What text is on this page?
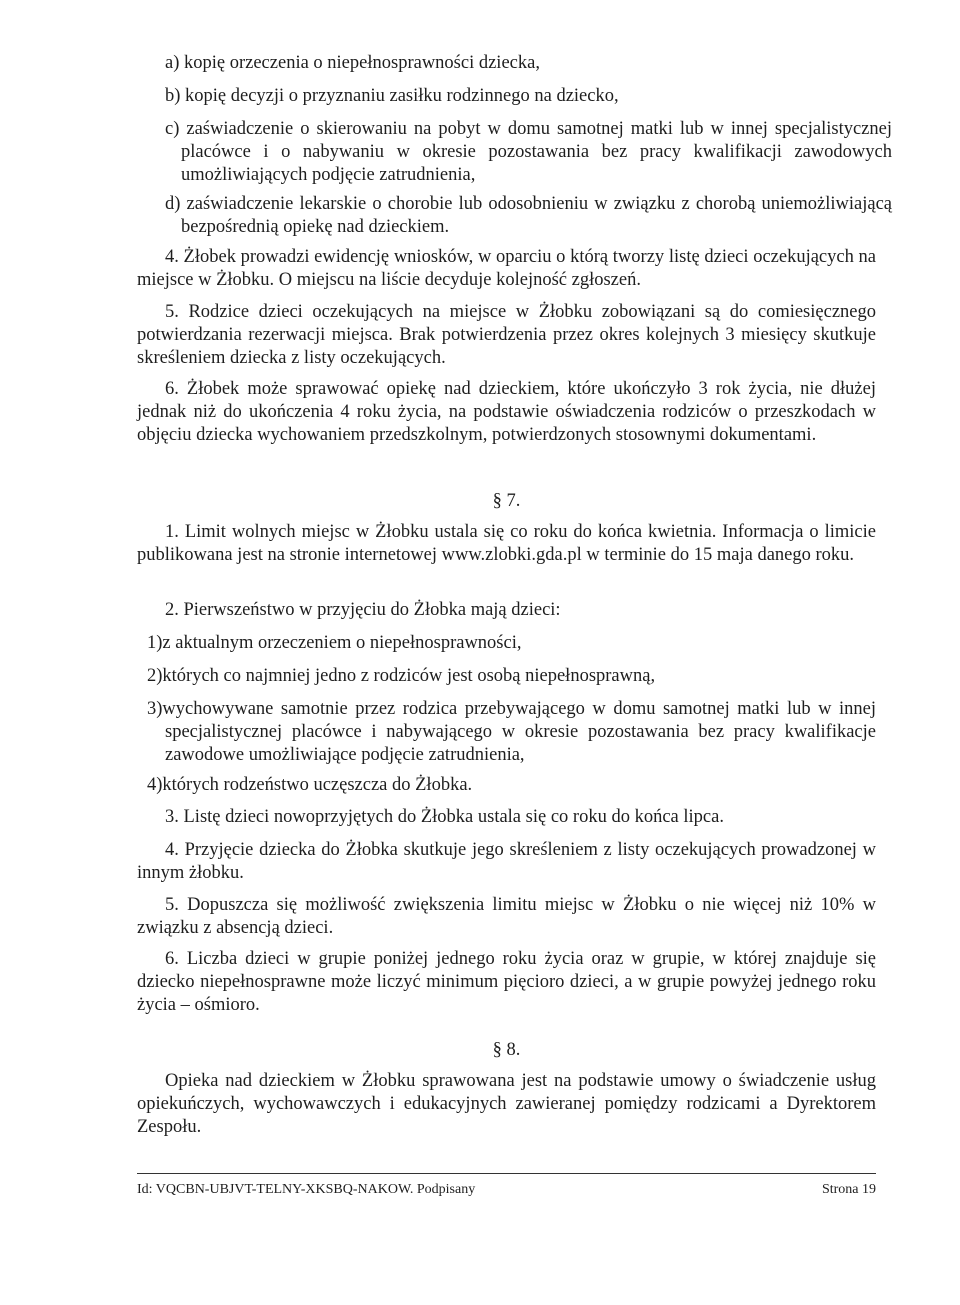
a) kopię orzeczenia o niepełnosprawności dziecka,

b) kopię decyzji o przyznaniu zasiłku rodzinnego na dziecko,

c) zaświadczenie o skierowaniu na pobyt w domu samotnej matki lub w innej specjalistycznej placówce i o nabywaniu w okresie pozostawania bez pracy kwalifikacji zawodowych umożliwiających podjęcie zatrudnienia,

d) zaświadczenie lekarskie o chorobie lub odosobnieniu w związku z chorobą uniemożliwiającą bezpośrednią opiekę nad dzieckiem.

4. Żłobek prowadzi ewidencję wniosków, w oparciu o którą tworzy listę dzieci oczekujących na miejsce w Żłobku. O miejscu na liście decyduje kolejność zgłoszeń.

5. Rodzice dzieci oczekujących na miejsce w Żłobku zobowiązani są do comiesięcznego potwierdzania rezerwacji miejsca. Brak potwierdzenia przez okres kolejnych 3 miesięcy skutkuje skreśleniem dziecka z listy oczekujących.

6. Żłobek może sprawować opiekę nad dzieckiem, które ukończyło 3 rok życia, nie dłużej jednak niż do ukończenia 4 roku życia, na podstawie oświadczenia rodziców o przeszkodach w objęciu dziecka wychowaniem przedszkolnym, potwierdzonych stosownymi dokumentami.

§ 7.

1. Limit wolnych miejsc w Żłobku ustala się co roku do końca kwietnia. Informacja o limicie publikowana jest na stronie internetowej www.zlobki.gda.pl w terminie do 15 maja danego roku.

2. Pierwszeństwo w przyjęciu do Żłobka mają dzieci:

1)z aktualnym orzeczeniem o niepełnosprawności,

2)których co najmniej jedno z rodziców jest osobą niepełnosprawną,

3)wychowywane samotnie przez rodzica przebywającego w domu samotnej matki lub w innej specjalistycznej placówce i nabywającego w okresie pozostawania bez pracy kwalifikacje zawodowe umożliwiające podjęcie zatrudnienia,

4)których rodzeństwo uczęszcza do Żłobka.

3. Listę dzieci nowoprzyjętych do Żłobka ustala się co roku do końca lipca.

4. Przyjęcie dziecka do Żłobka skutkuje jego skreśleniem z listy oczekujących prowadzonej w innym żłobku.

5. Dopuszcza się możliwość zwiększenia limitu miejsc w Żłobku o nie więcej niż 10% w związku z absencją dzieci.

6. Liczba dzieci w grupie poniżej jednego roku życia oraz w grupie, w której znajduje się dziecko niepełnosprawne może liczyć minimum pięcioro dzieci, a w grupie powyżej jednego roku życia – ośmioro.

§ 8.

Opieka nad dzieckiem w Żłobku sprawowana jest na podstawie umowy o świadczenie usług opiekuńczych, wychowawczych i edukacyjnych zawieranej pomiędzy rodzicami a Dyrektorem Zespołu.

Id: VQCBN-UBJVT-TELNY-XKSBQ-NAKOW. Podpisany	Strona 19
